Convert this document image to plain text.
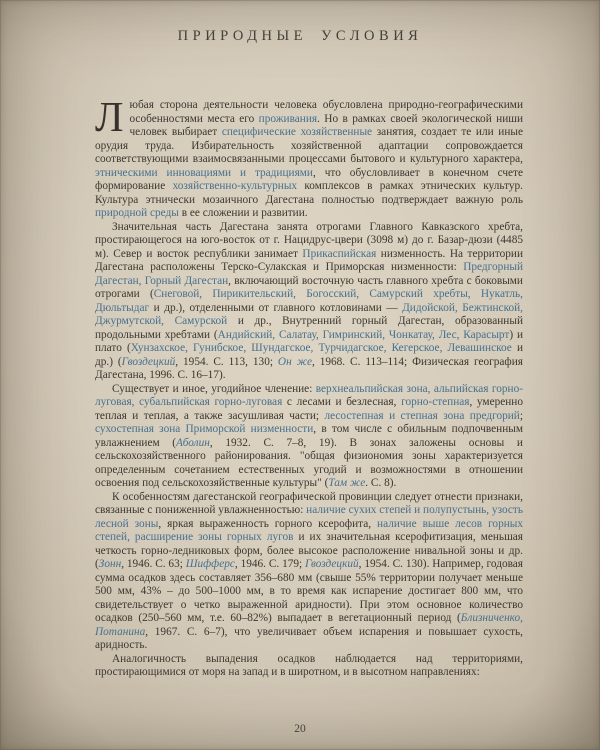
ПРИРОДНЫЕ УСЛОВИЯ

Любая сторона деятельности человека обусловлена природно-географическими особенностями места его проживания. Но в рамках своей экологической ниши человек выбирает специфические хозяйственные занятия, создает те или иные орудия труда. Избирательность хозяйственной адаптации сопровождается соответствующими взаимосвязанными процессами бытового и культурного характера, этническими инновациями и традициями, что обусловливает в конечном счете формирование хозяйственно-культурных комплексов в рамках этнических культур. Культура этнически мозаичного Дагестана полностью подтверждает важную роль природной среды в ее сложении и развитии.

Значительная часть Дагестана занята отрогами Главного Кавказского хребта, простирающегося на юго-восток от г. Нацидрус-цвери (3098 м) до г. Базар-дюзи (4485 м). Север и восток республики занимает Прикаспийская низменность. На территории Дагестана расположены Терско-Сулакская и Приморская низменности: Предгорный Дагестан, Горный Дагестан, включающий восточную часть главного хребта с боковыми отрогами (Снеговой, Пирикительский, Богосский, Самурский хребты, Нукатль, Дюльтыдаг и др.), отделенными от главного котловинами — Дидойской, Бежтинской, Джурмутской, Самурской и др., Внутренний горный Дагестан, образованный продольными хребтами (Андийский, Салатау, Гимринский, Чонкатау, Лес, Карасырт) и плато (Хунзахское, Гунибское, Шундагское, Турчидагское, Кегерское, Левашинское и др.) (Гвоздецкий, 1954. С. 113, 130; Он же, 1968. С. 113–114; Физическая география Дагестана, 1996. С. 16–17).

Существует и иное, угодийное членение: верхнеальпийская зона, альпийская горно-луговая, субальпийская горно-луговая с лесами и безлесная, горно-степная, умеренно теплая и теплая, а также засушливая части; лесостепная и степная зона предгорий; сухостепная зона Приморской низменности, в том числе с обильным подпочвенным увлажнением (Аболин, 1932. С. 7–8, 19). В зонах заложены основы и сельскохозяйственного районирования. "общая физиономия зоны характеризуется определенным сочетанием естественных угодий и возможностями в отношении освоения под сельскохозяйственные культуры" (Там же. С. 8).

К особенностям дагестанской географической провинции следует отнести признаки, связанные с пониженной увлажненностью: наличие сухих степей и полупустынь, узость лесной зоны, яркая выраженность горного ксерофита, наличие выше лесов горных степей, расширение зоны горных лугов и их значительная ксерофитизация, меньшая четкость горно-ледниковых форм, более высокое расположение нивальной зоны и др. (Зонн, 1946. С. 63; Шифферс, 1946. С. 179; Гвоздецкий, 1954. С. 130). Например, годовая сумма осадков здесь составляет 356–680 мм (свыше 55% территории получает меньше 500 мм, 43% – до 500–1000 мм, в то время как испарение достигает 800 мм, что свидетельствует о четко выраженной аридности). При этом основное количество осадков (250–560 мм, т.е. 60–82%) выпадает в вегетационный период (Близниченко, Потанина, 1967. С. 6–7), что увеличивает объем испарения и повышает сухость, аридность.

Аналогичность выпадения осадков наблюдается над территориями, простирающимися от моря на запад и в широтном, и в высотном направлениях:

20
